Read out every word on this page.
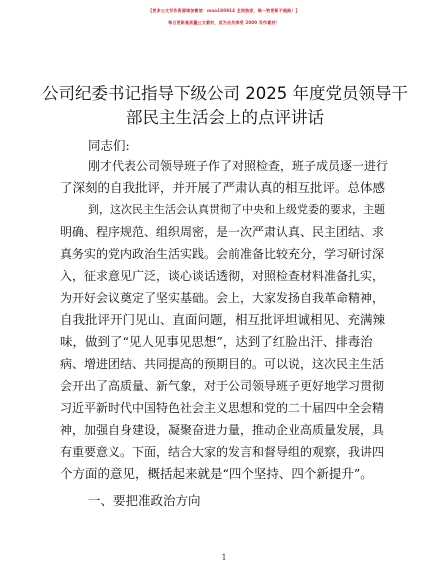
【更多公文写作资源请加微信：mao180914 全网独家，唯一物更新不跑路！】
每日更新高质量公文素材，成为会员享受 2000 写作素材！
公司纪委书记指导下级公司 2025 年度党员领导干部民主生活会上的点评讲话
同志们:
刚才代表公司领导班子作了对照检查，班子成员逐一进行
了深刻的自我批评，并开展了严肃认真的相互批评。总体感
到，这次民主生活会认真贯彻了中央和上级党委的要求，主题
明确、程序规范、组织周密，是一次严肃认真、民主团结、求
真务实的党内政治生活实践。会前准备比较充分，学习研讨深
入，征求意见广泛，谈心谈话透彻，对照检查材料准备扎实，
为开好会议奠定了坚实基础。会上，大家发扬自我革命精神，
自我批评开门见山、直面问题，相互批评坦诚相见、充满辣
味，做到了“见人见事见思想”，达到了红脸出汗、排毒治
病、增进团结、共同提高的预期目的。可以说，这次民主生活
会开出了高质量、新气象，对于公司领导班子更好地学习贯彻
习近平新时代中国特色社会主义思想和党的二十届四中全会精
神，加强自身建设，凝聚奋进力量，推动企业高质量发展，具
有重要意义。下面，结合大家的发言和督导组的观察，我讲四
个方面的意见，概括起来就是“四个坚持、四个新提升”。
一、要把准政治方向
1
